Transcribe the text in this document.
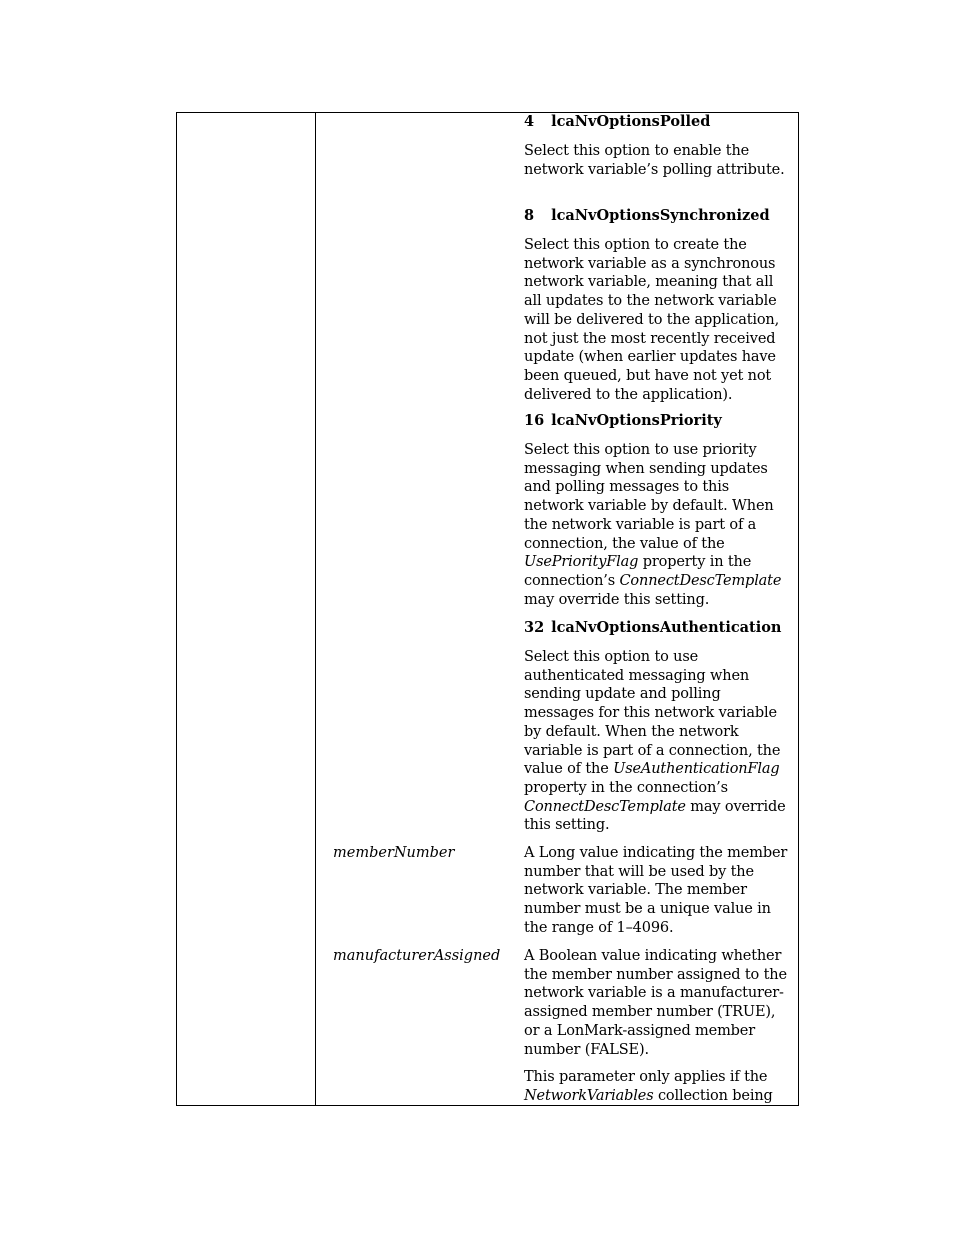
4 lcaNvOptionsPolled

Select this option to enable the network variable’s polling attribute.

8 lcaNvOptionsSynchronized

Select this option to create the network variable as a synchronous network variable, meaning that all all updates to the network variable will be delivered to the application, not just the most recently received update (when earlier updates have been queued, but have not yet not delivered to the application).

16 lcaNvOptionsPriority

Select this option to use priority messaging when sending updates and polling messages to this network variable by default. When the network variable is part of a connection, the value of the UsePriorityFlag property in the connection’s ConnectDescTemplate may override this setting.

32 lcaNvOptionsAuthentication

Select this option to use authenticated messaging when sending update and polling messages for this network variable by default. When the network variable is part of a connection, the value of the UseAuthenticationFlag property in the connection’s ConnectDescTemplate may override this setting.

memberNumber	A Long value indicating the member number that will be used by the network variable. The member number must be a unique value in the range of 1–4096.

manufacturerAssigned A Boolean value indicating whether the member number assigned to the network variable is a manufacturer-assigned member number (TRUE), or a LonMark-assigned member number (FALSE).

This parameter only applies if the NetworkVariables collection being
